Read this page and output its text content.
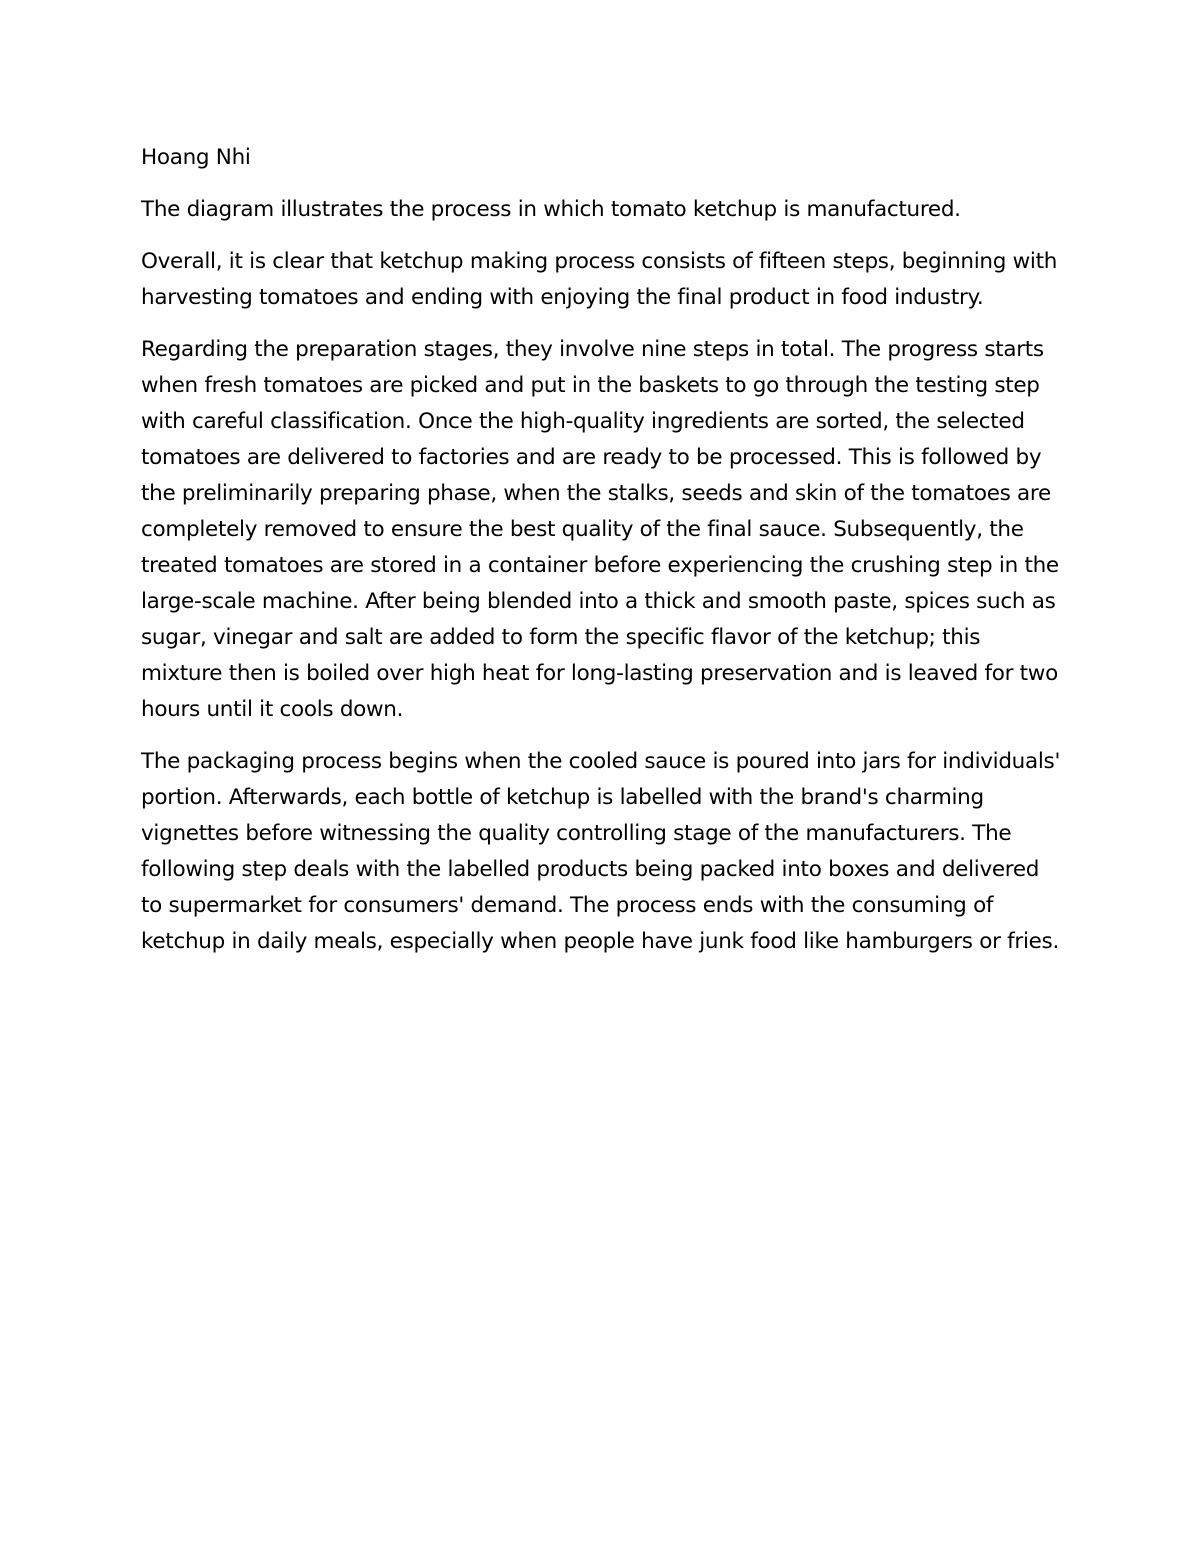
Hoang Nhi

The diagram illustrates the process in which tomato ketchup is manufactured.

Overall, it is clear that ketchup making process consists of fifteen steps, beginning with harvesting tomatoes and ending with enjoying the final product in food industry.

Regarding the preparation stages, they involve nine steps in total. The progress starts when fresh tomatoes are picked and put in the baskets to go through the testing step with careful classification. Once the high-quality ingredients are sorted, the selected tomatoes are delivered to factories and are ready to be processed. This is followed by the preliminarily preparing phase, when the stalks, seeds and skin of the tomatoes are completely removed to ensure the best quality of the final sauce. Subsequently, the treated tomatoes are stored in a container before experiencing the crushing step in the large-scale machine. After being blended into a thick and smooth paste, spices such as sugar, vinegar and salt are added to form the specific flavor of the ketchup; this mixture then is boiled over high heat for long-lasting preservation and is leaved for two hours until it cools down.

The packaging process begins when the cooled sauce is poured into jars for individuals' portion. Afterwards, each bottle of ketchup is labelled with the brand's charming vignettes before witnessing the quality controlling stage of the manufacturers. The following step deals with the labelled products being packed into boxes and delivered to supermarket for consumers' demand. The process ends with the consuming of ketchup in daily meals, especially when people have junk food like hamburgers or fries.
